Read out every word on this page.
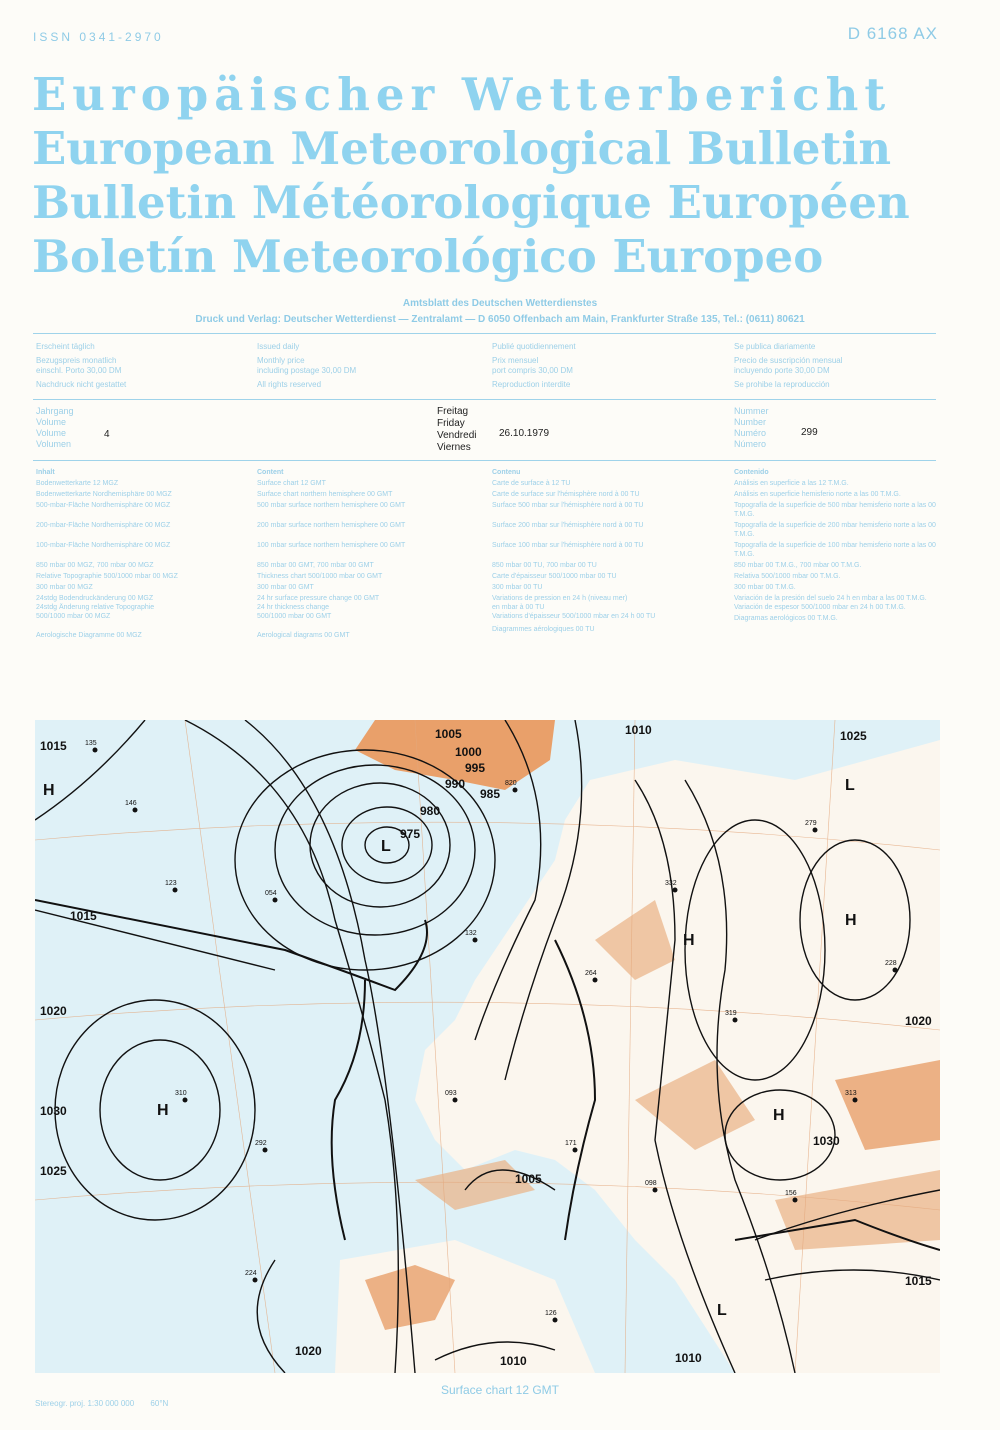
ISSN 0341-2970	D 6168 AX
Europäischer Wetterbericht
European Meteorological Bulletin
Bulletin Météorologique Européen
Boletín Meteorológico Europeo
Amtsblatt des Deutschen Wetterdienstes
Druck und Verlag: Deutscher Wetterdienst — Zentralamt — D 6050 Offenbach am Main, Frankfurter Straße 135, Tel.: (0611) 80621
Erscheint täglich
Bezugspreis monatlich
einschl. Porto 30,00 DM
Nachdruck nicht gestattet
Issued daily
Monthly price
including postage 30,00 DM
All rights reserved
Publié quotidiennement
Prix mensuel
port compris 30,00 DM
Reproduction interdite
Se publica diariamente
Precio de suscripción mensual
incluyendo porte 30,00 DM
Se prohibe la reproducción
Jahrgang
Volume
Volume
Volumen
4
Freitag
Friday
Vendredi
Viernes
26.10.1979
Nummer
Number
Numéro
Número
299
Inhalt
Bodenwetterkarte 12 MGZ
Bodenwetterkarte Nordhemisphäre 00 MGZ
500-mbar-Fläche Nordhemisphäre 00 MGZ
200-mbar-Fläche Nordhemisphäre 00 MGZ
100-mbar-Fläche Nordhemisphäre 00 MGZ
850 mbar 00 MGZ, 700 mbar 00 MGZ
Relative Topographie 500/1000 mbar 00 MGZ
300 mbar 00 MGZ
24stdg Bodendruckänderung 00 MGZ
24stdg Änderung relative Topographie
500/1000 mbar 00 MGZ
Aerologische Diagramme 00 MGZ
Content
Surface chart 12 GMT
Surface chart northern hemisphere 00 GMT
500 mbar surface northern hemisphere 00 GMT
200 mbar surface northern hemisphere 00 GMT
100 mbar surface northern hemisphere 00 GMT
850 mbar 00 GMT, 700 mbar 00 GMT
Thickness chart 500/1000 mbar 00 GMT
300 mbar 00 GMT
24 hr surface pressure change 00 GMT
24 hr thickness change
500/1000 mbar 00 GMT
Aerological diagrams 00 GMT
Contenu
Carte de surface à 12 TU
Carte de surface sur l'hémisphère nord à 00 TU
Surface 500 mbar sur l'hémisphère nord à 00 TU
Surface 200 mbar sur l'hémisphère nord à 00 TU
Surface 100 mbar sur l'hémisphère nord à 00 TU
850 mbar 00 TU, 700 mbar 00 TU
Carte d'épaisseur 500/1000 mbar 00 TU
300 mbar 00 TU
Variations de pression en 24 h (niveau mer)
en mbar à 00 TU
Variations d'épaisseur 500/1000 mbar en 24 h 00 TU
Diagrammes aérologiques 00 TU
Contenido
Análisis en superficie a las 12 T.M.G.
Análisis en superficie hemisferio norte a las 00 T.M.G.
Topografía de la superficie de 500 mbar hemisferio norte a las 00 T.M.G.
Topografía de la superficie de 200 mbar hemisferio norte a las 00 T.M.G.
Topografía de la superficie de 100 mbar hemisferio norte a las 00 T.M.G.
850 mbar 00 T.M.G., 700 mbar 00 T.M.G.
Relativa 500/1000 mbar 00 T.M.G.
300 mbar 00 T.M.G.
Variación de la presión del suelo 24 h en mbar a las 00 T.M.G.
Variación de espesor 500/1000 mbar en 24 h 00 T.M.G.
Diagramas aerológicos 00 T.M.G.
135
146
123
054
820
132
264
332
319
279
228
310
292
093
171
098
156
126
224
313
1015
1010
1005
1000
995
990
985
980
975
1030
1025
1020
1015
1010
1005
1030
1025
1020
1015
1010
1020
L
H
H	H
L
L
H
H
Stereogr. proj. 1:30 000 000 60°N
Surface chart 12 GMT
